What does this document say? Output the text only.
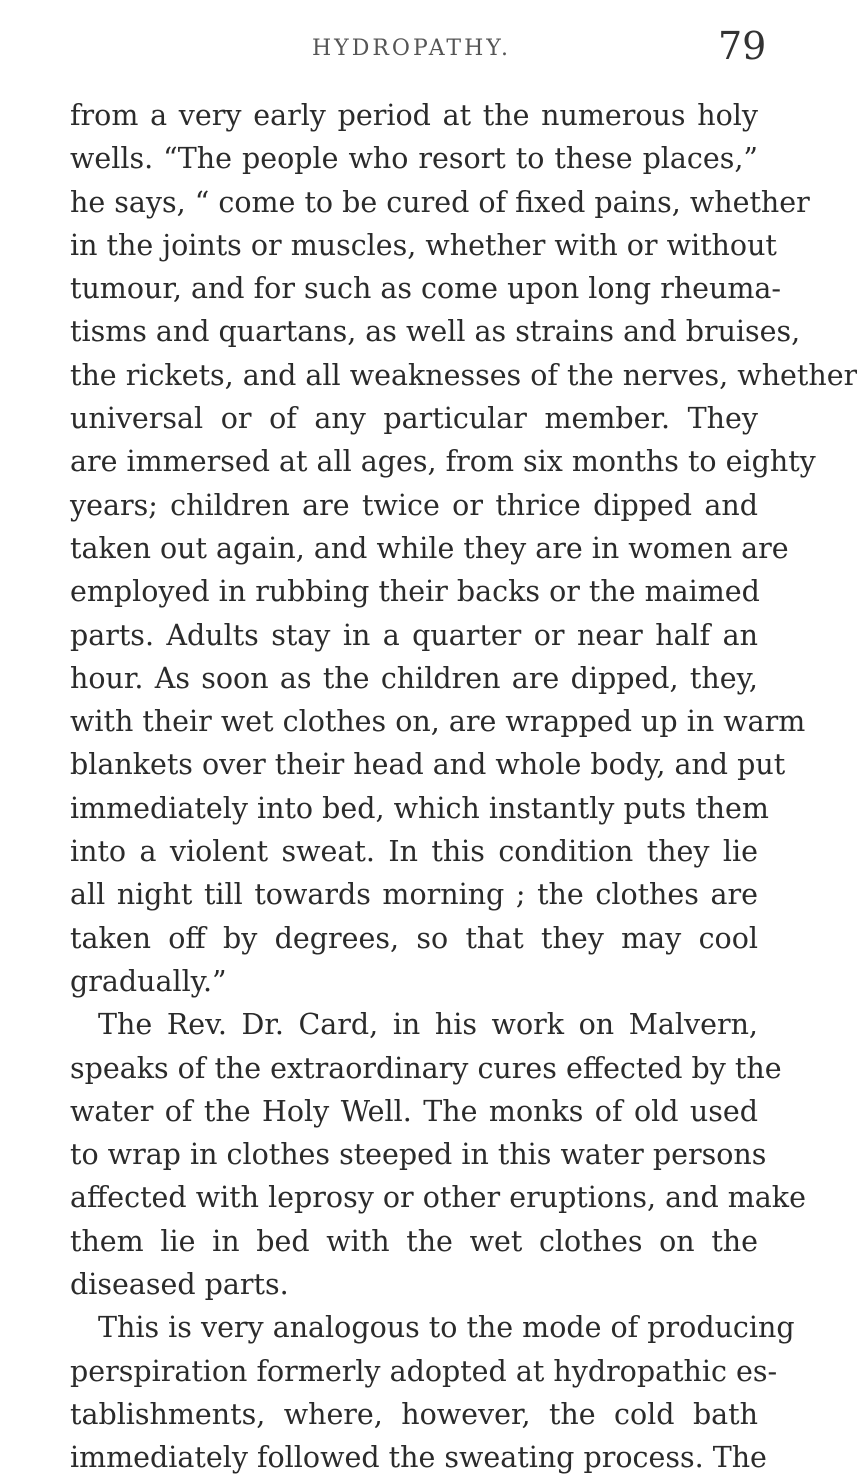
HYDROPATHY.	79
from a very early period at the numerous holy
wells. “The people who resort to these places,”
he says, “ come to be cured of fixed pains, whether
in the joints or muscles, whether with or without
tumour, and for such as come upon long rheuma-
tisms and quartans, as well as strains and bruises,
the rickets, and all weaknesses of the nerves, whether
universal or of any particular member. They
are immersed at all ages, from six months to eighty
years; children are twice or thrice dipped and
taken out again, and while they are in women are
employed in rubbing their backs or the maimed
parts. Adults stay in a quarter or near half an
hour. As soon as the children are dipped, they,
with their wet clothes on, are wrapped up in warm
blankets over their head and whole body, and put
immediately into bed, which instantly puts them
into a violent sweat. In this condition they lie
all night till towards morning ; the clothes are
taken off by degrees, so that they may cool
gradually.”
The Rev. Dr. Card, in his work on Malvern,
speaks of the extraordinary cures effected by the
water of the Holy Well. The monks of old used
to wrap in clothes steeped in this water persons
affected with leprosy or other eruptions, and make
them lie in bed with the wet clothes on the
diseased parts.
This is very analogous to the mode of producing
perspiration formerly adopted at hydropathic es-
tablishments, where, however, the cold bath
immediately followed the sweating process. The
